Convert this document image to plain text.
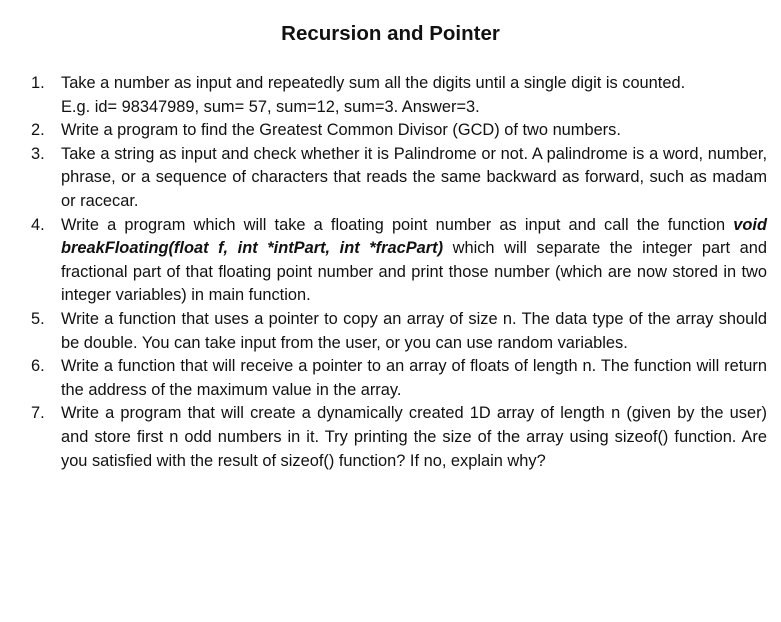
Recursion and Pointer
1. Take a number as input and repeatedly sum all the digits until a single digit is counted.
E.g. id= 98347989, sum= 57, sum=12, sum=3. Answer=3.
2. Write a program to find the Greatest Common Divisor (GCD) of two numbers.
3. Take a string as input and check whether it is Palindrome or not. A palindrome is a word, number, phrase, or a sequence of characters that reads the same backward as forward, such as madam or racecar.
4. Write a program which will take a floating point number as input and call the function void breakFloating(float f, int *intPart, int *fracPart) which will separate the integer part and fractional part of that floating point number and print those number (which are now stored in two integer variables) in main function.
5. Write a function that uses a pointer to copy an array of size n. The data type of the array should be double. You can take input from the user, or you can use random variables.
6. Write a function that will receive a pointer to an array of floats of length n. The function will return the address of the maximum value in the array.
7. Write a program that will create a dynamically created 1D array of length n (given by the user) and store first n odd numbers in it. Try printing the size of the array using sizeof() function. Are you satisfied with the result of sizeof() function? If no, explain why?
